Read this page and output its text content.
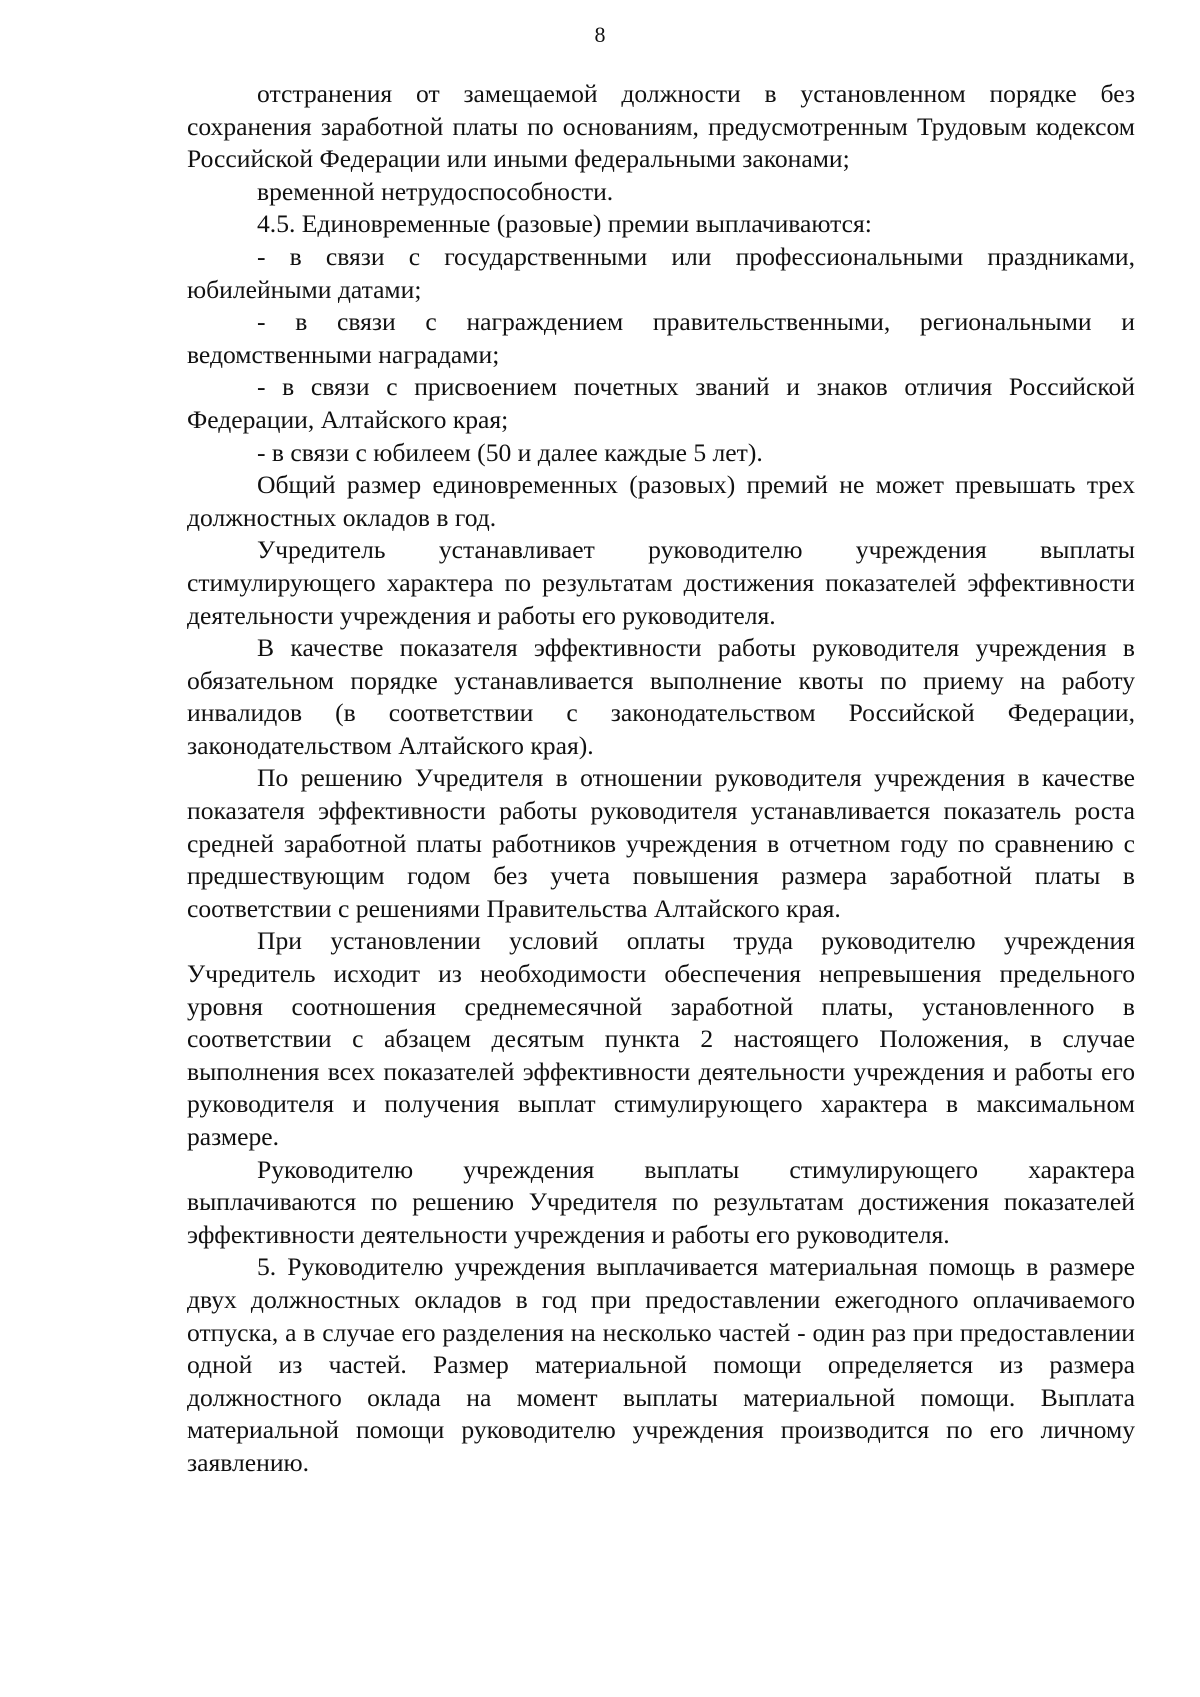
8

отстранения от замещаемой должности в установленном порядке без сохранения заработной платы по основаниям, предусмотренным Трудовым кодексом Российской Федерации или иными федеральными законами;

временной нетрудоспособности.

4.5. Единовременные (разовые) премии выплачиваются:

- в связи с государственными или профессиональными праздниками, юбилейными датами;

- в связи с награждением правительственными, региональными и ведомственными наградами;

- в связи с присвоением почетных званий и знаков отличия Российской Федерации, Алтайского края;

- в связи с юбилеем (50 и далее каждые 5 лет).

Общий размер единовременных (разовых) премий не может превышать трех должностных окладов в год.

Учредитель устанавливает руководителю учреждения выплаты стимулирующего характера по результатам достижения показателей эффективности деятельности учреждения и работы его руководителя.

В качестве показателя эффективности работы руководителя учреждения в обязательном порядке устанавливается выполнение квоты по приему на работу инвалидов (в соответствии с законодательством Российской Федерации, законодательством Алтайского края).

По решению Учредителя в отношении руководителя учреждения в качестве показателя эффективности работы руководителя устанавливается показатель роста средней заработной платы работников учреждения в отчетном году по сравнению с предшествующим годом без учета повышения размера заработной платы в соответствии с решениями Правительства Алтайского края.

При установлении условий оплаты труда руководителю учреждения Учредитель исходит из необходимости обеспечения непревышения предельного уровня соотношения среднемесячной заработной платы, установленного в соответствии с абзацем десятым пункта 2 настоящего Положения, в случае выполнения всех показателей эффективности деятельности учреждения и работы его руководителя и получения выплат стимулирующего характера в максимальном размере.

Руководителю учреждения выплаты стимулирующего характера выплачиваются по решению Учредителя по результатам достижения показателей эффективности деятельности учреждения и работы его руководителя.

5. Руководителю учреждения выплачивается материальная помощь в размере двух должностных окладов в год при предоставлении ежегодного оплачиваемого отпуска, а в случае его разделения на несколько частей - один раз при предоставлении одной из частей. Размер материальной помощи определяется из размера должностного оклада на момент выплаты материальной помощи. Выплата материальной помощи руководителю учреждения производится по его личному заявлению.
